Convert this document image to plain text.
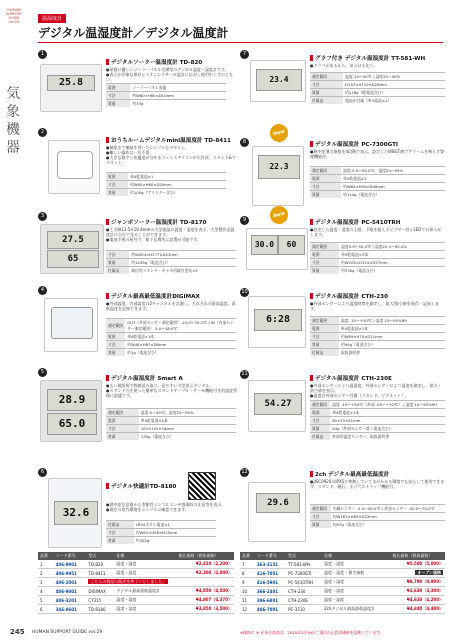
HUMAN SUPPORT GUIDE vol.29
気象機器
温湿度計
デジタル温湿度計／デジタル温度計
1
25.8
デジタルソーラー温湿度計 TD-820
●屋根に優しいソーラーパネル完備型のデジタル温度・湿度計です。
●表示が印象な保存とステンレスサーモ温計に応対し使用中くずのとない。
電源	ソーラーパネル発電
寸法	約W80×H60×D10mm
質量	約33g
2
おうちルームデジタルmini温湿度計 TD-8411
●極限まで無駄を省いたシンプルなデザイン。
●難しい操作は一切不要。
●大きな数字と快適度が分かるフェイスアイコンが大好評。スタンド&マグネット。
電源	単4乾電池×1
寸法	約W65×H60×D20mm
質量	約100g（アリスター含む）
3
27.5
65
ジャンボソーラー温湿度計 TD-8170
●上半瞬12.5×19.4mmの大型液晶に温度・湿度を表示、大型製作品温度計に自分で見ることができます。
●電池不要の屋外で、様々な場所に設置が可能です。
寸法	約W404×H277×D21mm
質量	約1200g（電池含む）
付属品	取付用スタンド・キャス用取付金具×2
4
デジタル最高最低温度計DIGIMAX
●外部温度、内部温度の2チャンネルを計測し、それぞれの最高温度、最低温度を記録できます。
測定範囲	OUT（外部センサー測定範囲）-20.0～70.0℃ / IN（内部センサー測定範囲）-5.0～48.0℃
電源	単4乾電池×1本
寸法	約W48×H87×D8mm
質量	約1g（電池含む）
5
28.9
65.0
デジタル温湿度計 Smart A
●広い視野角で数値読み取り、見やすい大型表示デジタル。
●スタンド式を使った簡単なスタンドテーブル・サーモ機能付き的温度管理に最適です。
測定範囲	温度-5～49℃、湿度20～95%
電源	単4乾電池×1本
寸法	103×102×18mm
質量	135g（電池含む）
6
32.6
デジタル快適計TD-8180
●熱中症注意報から季節性インフルエンザ感染時の注意等を表示。
●現在の室内環境をシンプルに確認できます。
付属品	LR44ボタン電池×1
寸法	約W65×H58×D15mm
質量	約352g
7
23.4
グラフ付き デジタル温湿度計 TT-581-WH
●グラフがあるから、気づける化へ。
測定範囲	温度-10～50℃ / 湿度20～90%
寸法	D157×H110×D28mm
質量	約176g（乾電池含む）
付属品	電池が付属（単3電池×1）
8
New
22.3
デジタル温湿度計 PC-7300GTI
●熱中症暑さ指数を4段階で表示。設定したWBGT値でアラームを鳴らす警報機能付。
測定範囲	温度-5.0～50.0℃、湿度20～95%
電源	単4乾電池×2
寸法	約W84×H94×D46mm
質量	約114g（電池含む）
9
New
30.0	60
デジタル温湿度計 PC-5410TRH
●設定した温度・湿度の上限、下限を超えるとブザー音とLEDでお知らせします。
測定範囲	温度0.0～50.0℃ / 湿度20.0～95.0%
電源	単3乾電池×3本
寸法	約W200×H154×D27mm
質量	約330g（電池含む）
10
6:28
デジタル温湿度計 CTH-230
●外部センサーにより温度時間を測定し、最大/最小値を保存・記録します。
測定範囲	温度 -10～+50℃ / 湿度 10～90%RH
電源	単4乾電池×1本
寸法	約W89×H70×D21mm
質量	約94g（電池含む）
付属品	取扱説明書
11
54.27
デジタル温湿度計 CTH-230E
●外部センサーにより温湿度、外部センサーにより温度を測定し、最大・最小値を表示。
●温度計外部センサー付属（スタンド、マグネット）。
測定範囲	温度 -10～+50℃（外部 -50～+70℃） / 湿度 10～90%RH
電源	単4乾電池×1本
寸法	80×70×21mm
質量	64g（外部センサー除く電池含む）
付属品	外部用温度センサー、取扱説明書
12
29.6
2ch デジタル最高最低温度計
●JISC0920のIPX5に準拠していて水がかかる環境でも安心して使用できます。スタンド、磁石、ネジ穴ストラップ機能付。
測定範囲	内蔵センサー -5.0～50.0℃ / 外部センサー -50.0～70.0℃
寸法	約W187×H65×D23mm
質量	約97g（電池含む）
品番	コード番号	型式	仕様	税込価格（税抜価格）
1	406-9901	TD-820	温度・湿度	¥2,420（2,200）
2	406-9951	TD-8411	温度・湿度	¥2,200（2,000）
3	406-2001	こちらの商品は販売を終了いたしました。		
4	406-9001	DIGIMAX	デジタル最高最低温度計	¥4,950（4,500）
5	406-3201	CT315	温度・湿度	¥4,807（4,370）
6	346-0601	TD-8180	温度・湿度	¥3,850（3,500）
品番	コード番号	型式	仕様	税込価格（税抜価格）
7	363-3151	TT-581-WH	温度・湿度	¥5,500（5,000）
8	416-7051	PC-7300GTI	温度・湿度・暑さ指数	オープン価格
9	416-5901	PC-5410TRH	温度・湿度	¥9,790（8,900）
10	366-2401	CTH-230	温度・湿度	¥3,630（3,300）
11	396-6801	CTH-230E	温度・湿度	¥4,620（4,200）
12	406-7001	PC-3710	2chデジタル最高最低温度計	¥4,840（4,400）
245 HUMAN SUPPORT GUIDE vol.29	※価格に ⦿ がある商品は、2025年2月19日ご案内の正誤表価格を反映しています。
